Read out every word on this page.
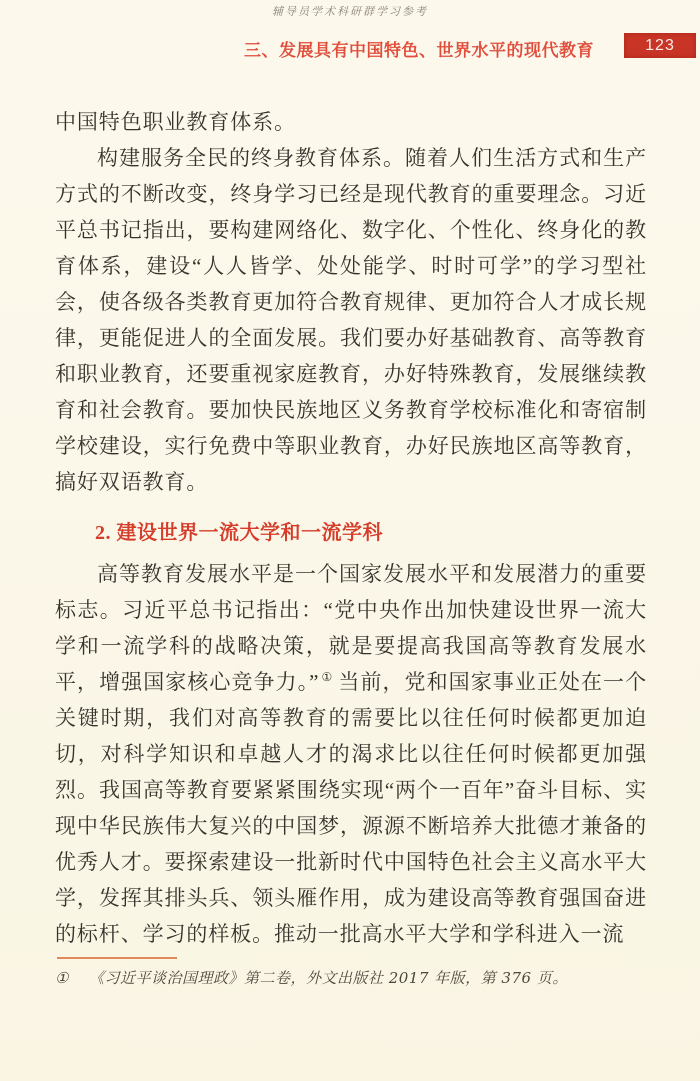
辅导员学术科研群学习参考
三、发展具有中国特色、世界水平的现代教育	123

中国特色职业教育体系。

构建服务全民的终身教育体系。随着人们生活方式和生产方式的不断改变，终身学习已经是现代教育的重要理念。习近平总书记指出，要构建网络化、数字化、个性化、终身化的教育体系，建设“人人皆学、处处能学、时时可学”的学习型社会，使各级各类教育更加符合教育规律、更加符合人才成长规律，更能促进人的全面发展。我们要办好基础教育、高等教育和职业教育，还要重视家庭教育，办好特殊教育，发展继续教育和社会教育。要加快民族地区义务教育学校标准化和寄宿制学校建设，实行免费中等职业教育，办好民族地区高等教育，搞好双语教育。

2. 建设世界一流大学和一流学科

高等教育发展水平是一个国家发展水平和发展潜力的重要标志。习近平总书记指出：“党中央作出加快建设世界一流大学和一流学科的战略决策，就是要提高我国高等教育发展水平，增强国家核心竞争力。” ① 当前，党和国家事业正处在一个关键时期，我们对高等教育的需要比以往任何时候都更加迫切，对科学知识和卓越人才的渴求比以往任何时候都更加强烈。我国高等教育要紧紧围绕实现“两个一百年”奋斗目标、实现中华民族伟大复兴的中国梦，源源不断培养大批德才兼备的优秀人才。要探索建设一批新时代中国特色社会主义高水平大学，发挥其排头兵、领头雁作用，成为建设高等教育强国奋进的标杆、学习的样板。推动一批高水平大学和学科进入一流

① 《习近平谈治国理政》第二卷，外文出版社 2017 年版，第 376 页。
